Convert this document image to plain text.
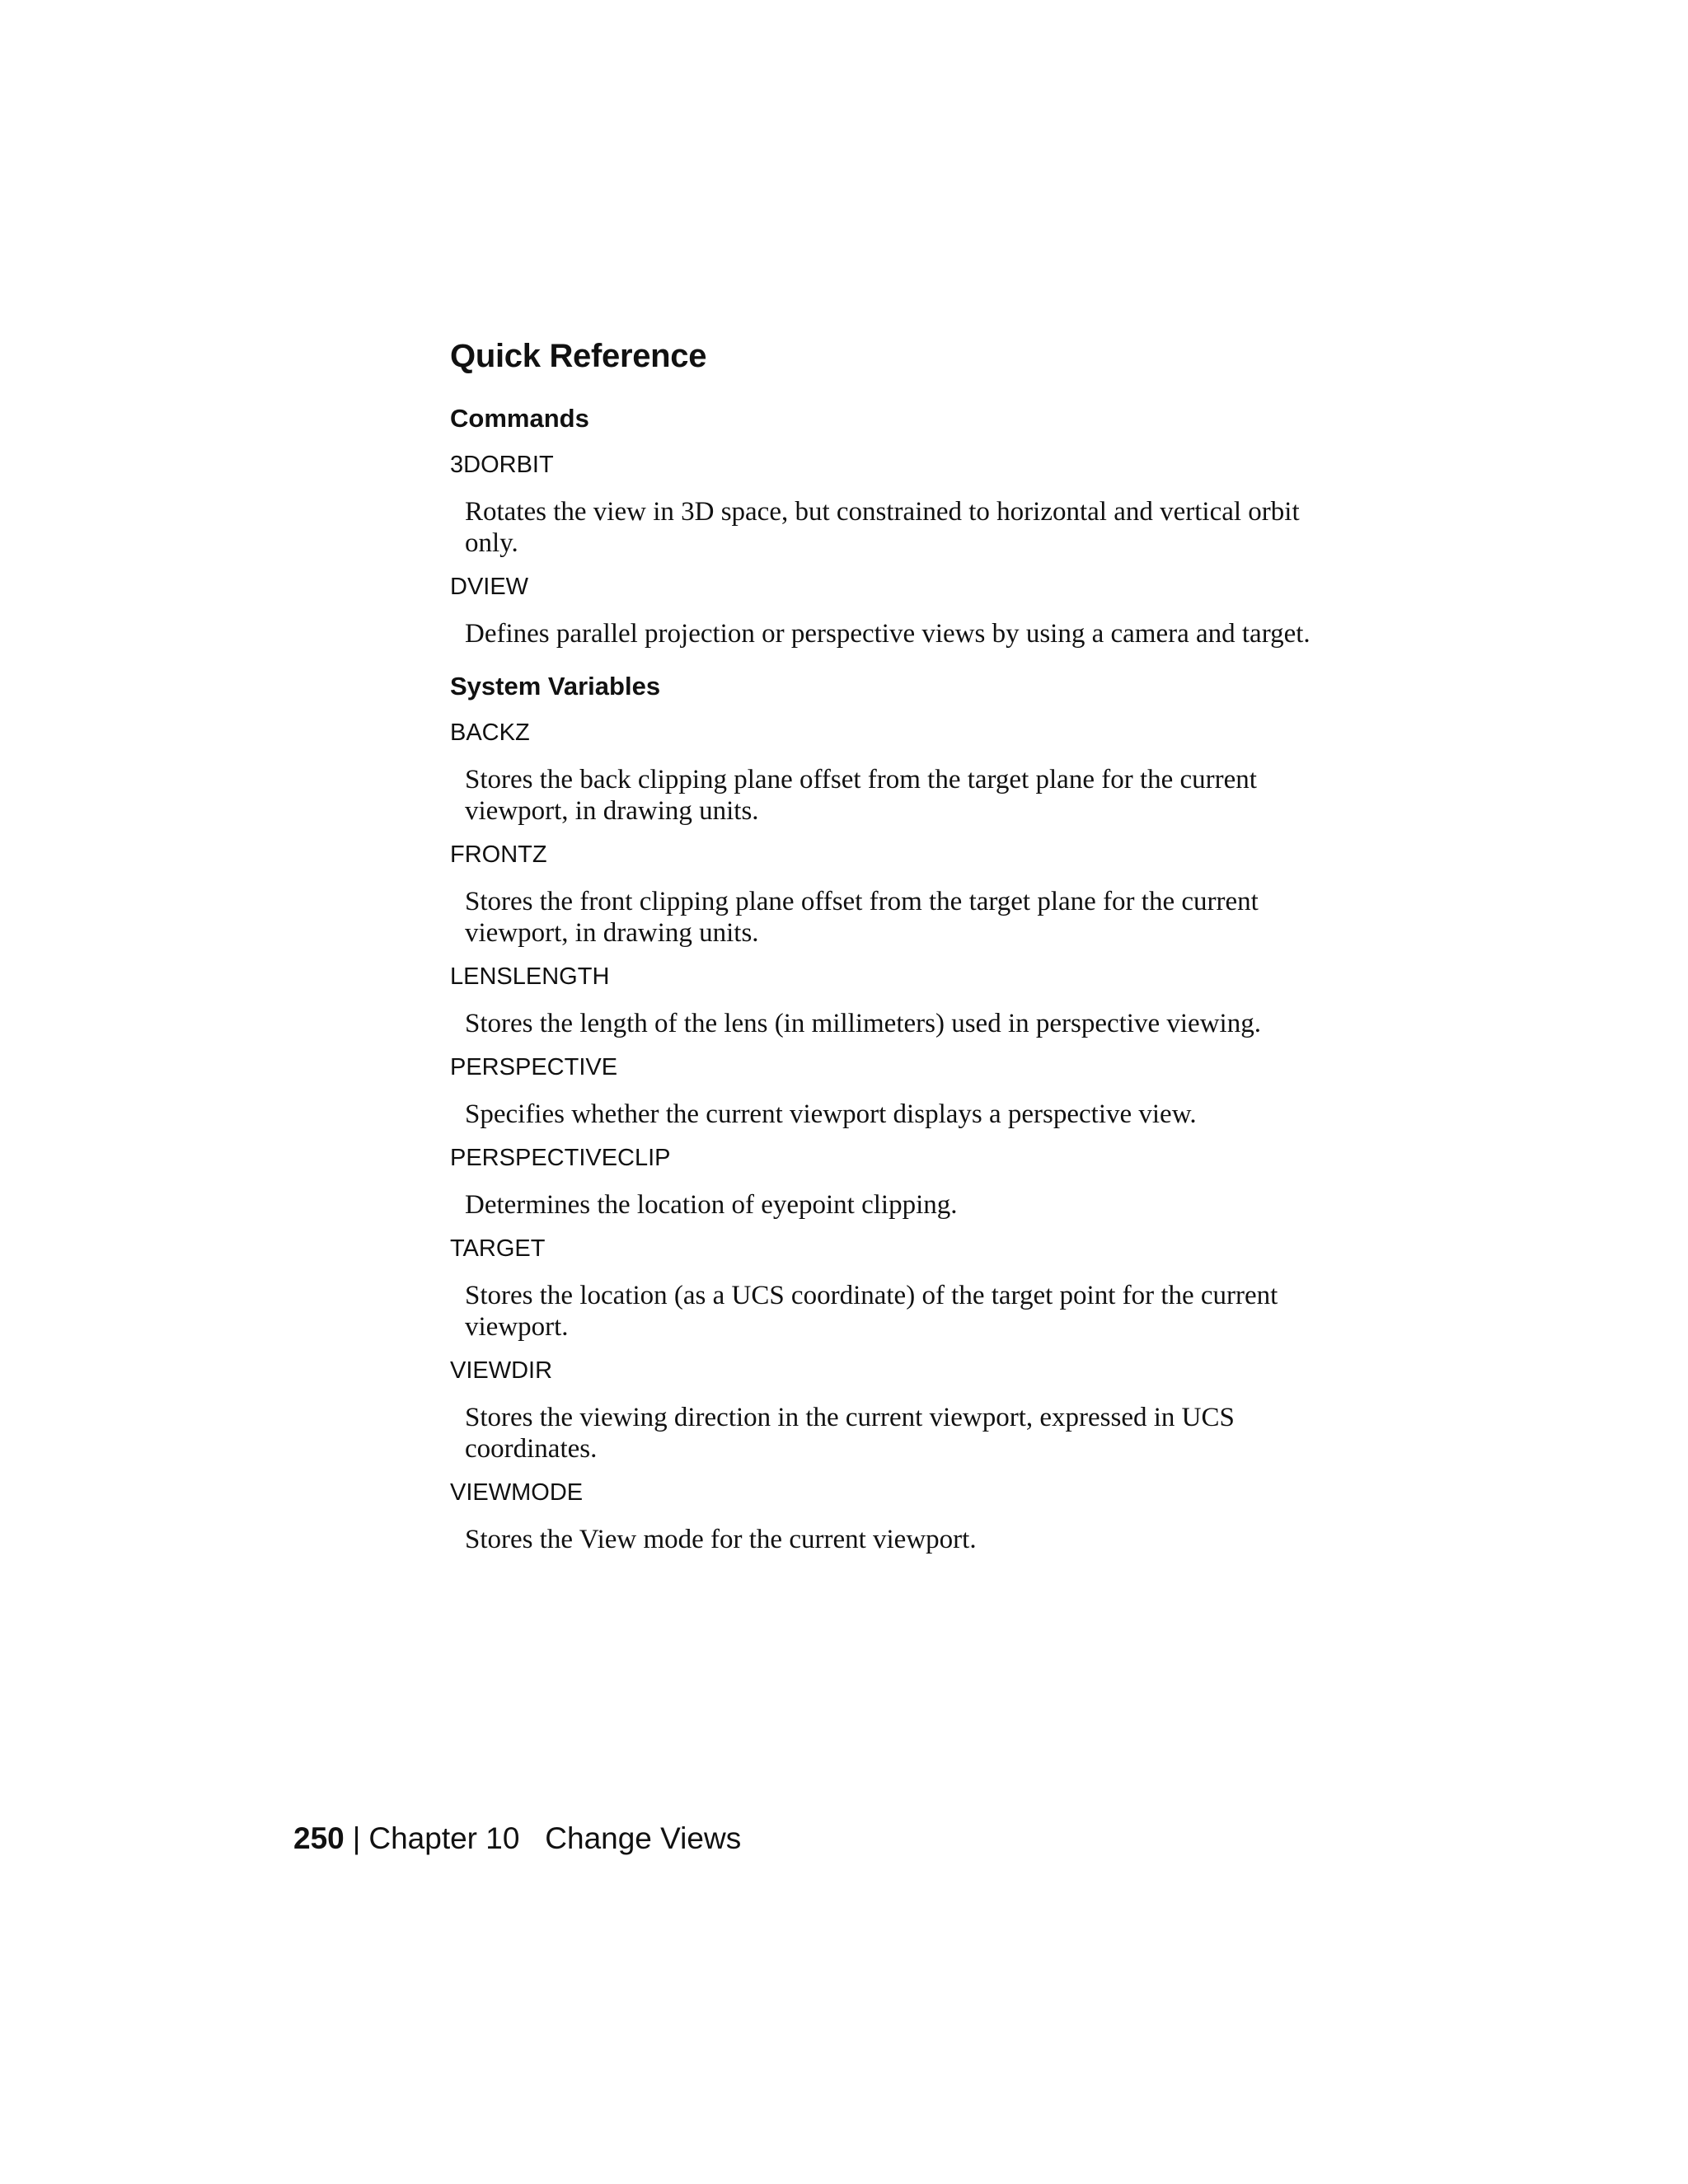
Quick Reference
Commands
3DORBIT
Rotates the view in 3D space, but constrained to horizontal and vertical orbit only.
DVIEW
Defines parallel projection or perspective views by using a camera and target.
System Variables
BACKZ
Stores the back clipping plane offset from the target plane for the current viewport, in drawing units.
FRONTZ
Stores the front clipping plane offset from the target plane for the current viewport, in drawing units.
LENSLENGTH
Stores the length of the lens (in millimeters) used in perspective viewing.
PERSPECTIVE
Specifies whether the current viewport displays a perspective view.
PERSPECTIVECLIP
Determines the location of eyepoint clipping.
TARGET
Stores the location (as a UCS coordinate) of the target point for the current viewport.
VIEWDIR
Stores the viewing direction in the current viewport, expressed in UCS coordinates.
VIEWMODE
Stores the View mode for the current viewport.
250 | Chapter 10 Change Views
